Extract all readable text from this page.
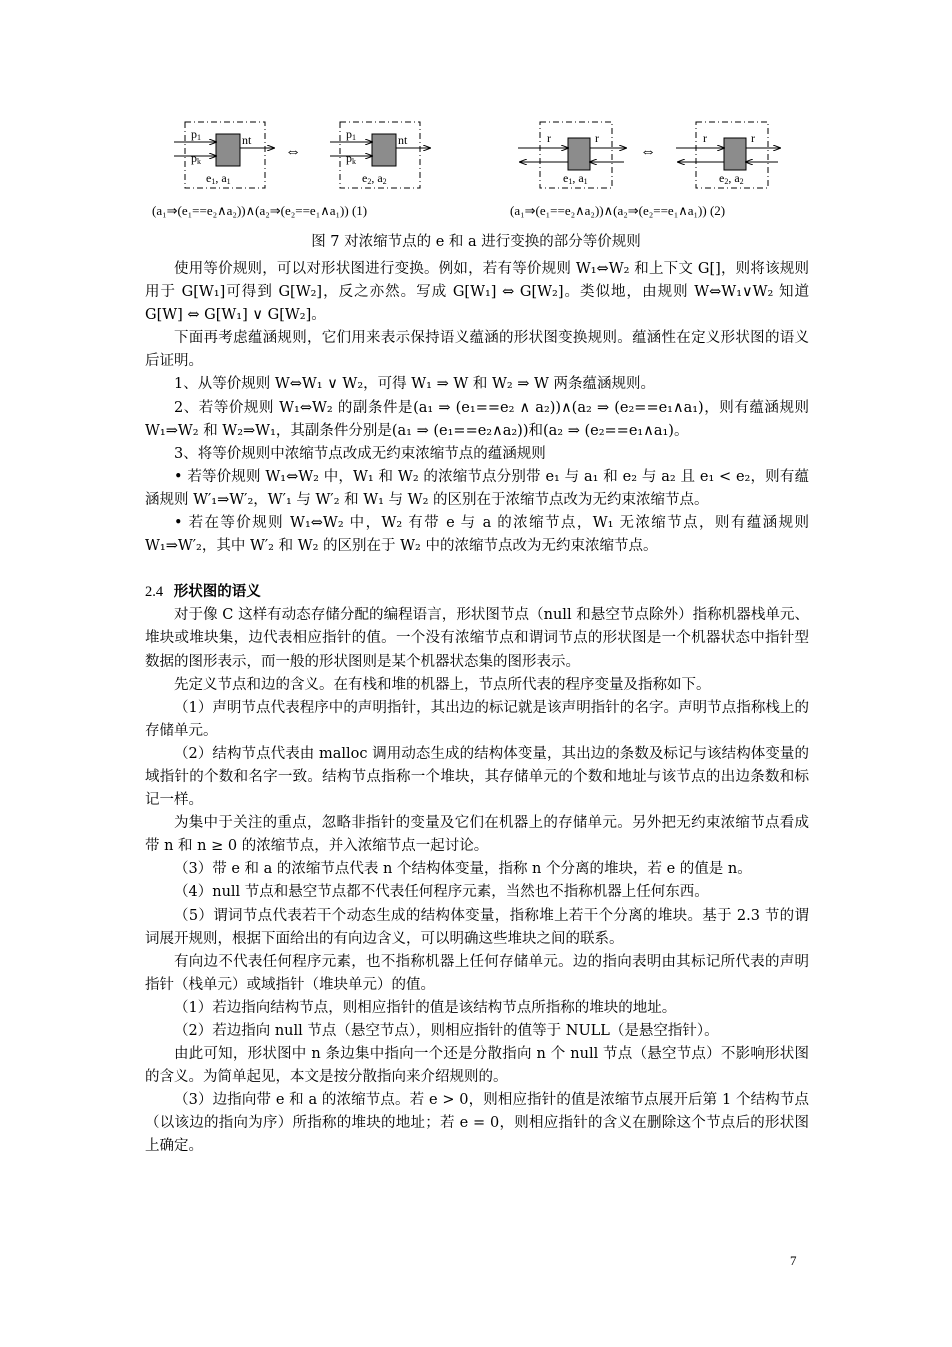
p1
pk
nt
e1, a1
⇔
p1
pk
nt
e2, a2
(a₁⇒(e₁==e₂∧a₂))∧(a₂⇒(e₂==e₁∧a₁)) (1)
r	r
e1, a1
⇔
r	r
e2, a2
(a₁⇒(e₁==e₂∧a₂))∧(a₂⇒(e₂==e₁∧a₁)) (2)
图 7 对浓缩节点的 e 和 a 进行变换的部分等价规则

使用等价规则，可以对形状图进行变换。例如，若有等价规则 W₁⇔W₂ 和上下文 G[]，则将该规则用于 G[W₁]可得到 G[W₂]，反之亦然。写成 G[W₁] ⇔ G[W₂]。类似地，由规则 W⇔W₁∨W₂ 知道 G[W] ⇔ G[W₁] ∨ G[W₂]。

下面再考虑蕴涵规则，它们用来表示保持语义蕴涵的形状图变换规则。蕴涵性在定义形状图的语义后证明。

1、从等价规则 W⇔W₁ ∨ W₂，可得 W₁ ⇒ W 和 W₂ ⇒ W 两条蕴涵规则。

2、若等价规则 W₁⇔W₂ 的副条件是(a₁ ⇒ (e₁==e₂ ∧ a₂))∧(a₂ ⇒ (e₂==e₁∧a₁)，则有蕴涵规则 W₁⇒W₂ 和 W₂⇒W₁，其副条件分别是(a₁ ⇒ (e₁==e₂∧a₂))和(a₂ ⇒ (e₂==e₁∧a₁)。

3、将等价规则中浓缩节点改成无约束浓缩节点的蕴涵规则

• 若等价规则 W₁⇔W₂ 中，W₁ 和 W₂ 的浓缩节点分别带 e₁ 与 a₁ 和 e₂ 与 a₂ 且 e₁ < e₂，则有蕴涵规则 W′₁⇒W′₂，W′₁ 与 W′₂ 和 W₁ 与 W₂ 的区别在于浓缩节点改为无约束浓缩节点。

• 若在等价规则 W₁⇔W₂ 中，W₂ 有带 e 与 a 的浓缩节点，W₁ 无浓缩节点，则有蕴涵规则 W₁⇒W′₂，其中 W′₂ 和 W₂ 的区别在于 W₂ 中的浓缩节点改为无约束浓缩节点。

2.4 形状图的语义

对于像 C 这样有动态存储分配的编程语言，形状图节点（null 和悬空节点除外）指称机器栈单元、堆块或堆块集，边代表相应指针的值。一个没有浓缩节点和谓词节点的形状图是一个机器状态中指针型数据的图形表示，而一般的形状图则是某个机器状态集的图形表示。

先定义节点和边的含义。在有栈和堆的机器上，节点所代表的程序变量及指称如下。

（1）声明节点代表程序中的声明指针，其出边的标记就是该声明指针的名字。声明节点指称栈上的存储单元。

（2）结构节点代表由 malloc 调用动态生成的结构体变量，其出边的条数及标记与该结构体变量的域指针的个数和名字一致。结构节点指称一个堆块，其存储单元的个数和地址与该节点的出边条数和标记一样。

为集中于关注的重点，忽略非指针的变量及它们在机器上的存储单元。另外把无约束浓缩节点看成带 n 和 n ≥ 0 的浓缩节点，并入浓缩节点一起讨论。

（3）带 e 和 a 的浓缩节点代表 n 个结构体变量，指称 n 个分离的堆块，若 e 的值是 n。

（4）null 节点和悬空节点都不代表任何程序元素，当然也不指称机器上任何东西。

（5）谓词节点代表若干个动态生成的结构体变量，指称堆上若干个分离的堆块。基于 2.3 节的谓词展开规则，根据下面给出的有向边含义，可以明确这些堆块之间的联系。

有向边不代表任何程序元素，也不指称机器上任何存储单元。边的指向表明由其标记所代表的声明指针（栈单元）或域指针（堆块单元）的值。

（1）若边指向结构节点，则相应指针的值是该结构节点所指称的堆块的地址。

（2）若边指向 null 节点（悬空节点），则相应指针的值等于 NULL（是悬空指针）。

由此可知，形状图中 n 条边集中指向一个还是分散指向 n 个 null 节点（悬空节点）不影响形状图的含义。为简单起见，本文是按分散指向来介绍规则的。

（3）边指向带 e 和 a 的浓缩节点。若 e > 0，则相应指针的值是浓缩节点展开后第 1 个结构节点（以该边的指向为序）所指称的堆块的地址；若 e = 0，则相应指针的含义在删除这个节点后的形状图上确定。

7
